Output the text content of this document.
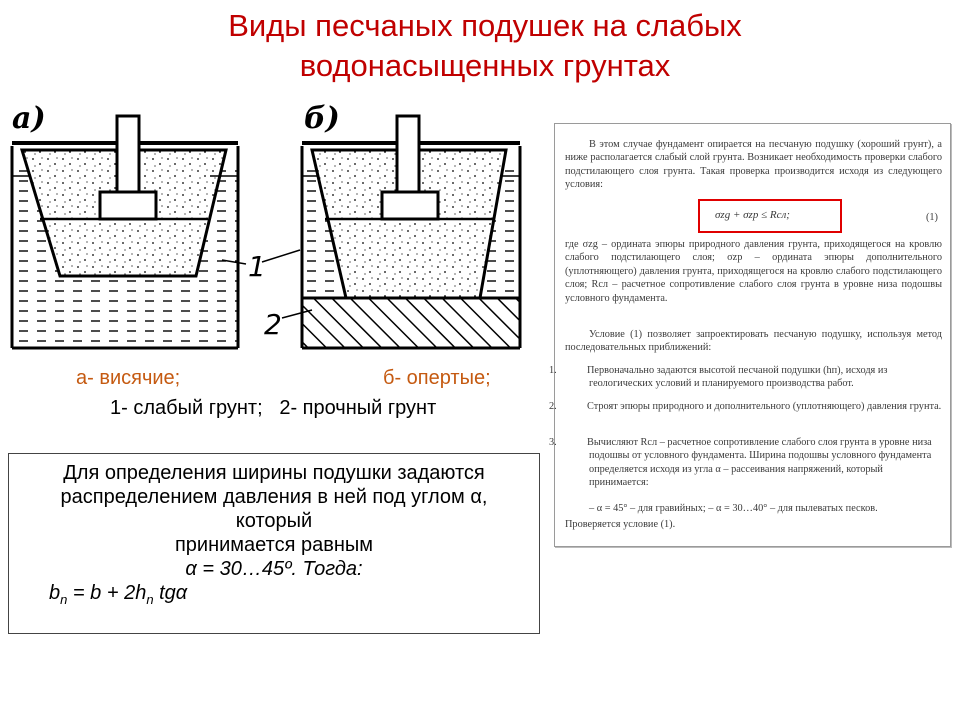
Виды песчаных подушек на слабых
водонасыщенных грунтах
а)	б)
1
2
а- висячие;	б- опертые;
1- слабый грунт;   2- прочный грунт

Для определения ширины подушки задаются

распределением давления в ней под углом α,

который

принимается равным

α = 30…45º. Тогда:

$b_n = b + 2h_n$ tgα

В этом случае фундамент опирается на песчаную подушку (хороший грунт), а ниже располагается слабый слой грунта. Возникает необходимость проверки слабого подстилающего слоя грунта. Такая проверка производится исходя из следующего условия:
σzg + σzp ≤ Rсл;	(1)
где σzg – ордината эпюры природного давления грунта, приходящегося на кровлю слабого подстилающего слоя; σzp – ордината эпюры дополнительного (уплотняющего) давления грунта, приходящегося на кровлю слабого подстилающего слоя; Rсл – расчетное сопротивление слабого слоя грунта в уровне низа подошвы условного фундамента.
Условие (1) позволяет запроектировать песчаную подушку, используя метод последовательных приближений:
1.	Первоначально задаются высотой песчаной подушки (hп), исходя из геологических условий и планируемого производства работ.
2.	Строят эпюры природного и дополнительного (уплотняющего) давления грунта.
3.	Вычисляют Rсл – расчетное сопротивление слабого слоя грунта в уровне низа подошвы от условного фундамента. Ширина подошвы условного фундамента определяется исходя из угла α – рассеивания напряжений, который принимается:
– α = 45° – для гравийных; – α = 30…40° – для пылеватых песков.
Проверяется условие (1).
